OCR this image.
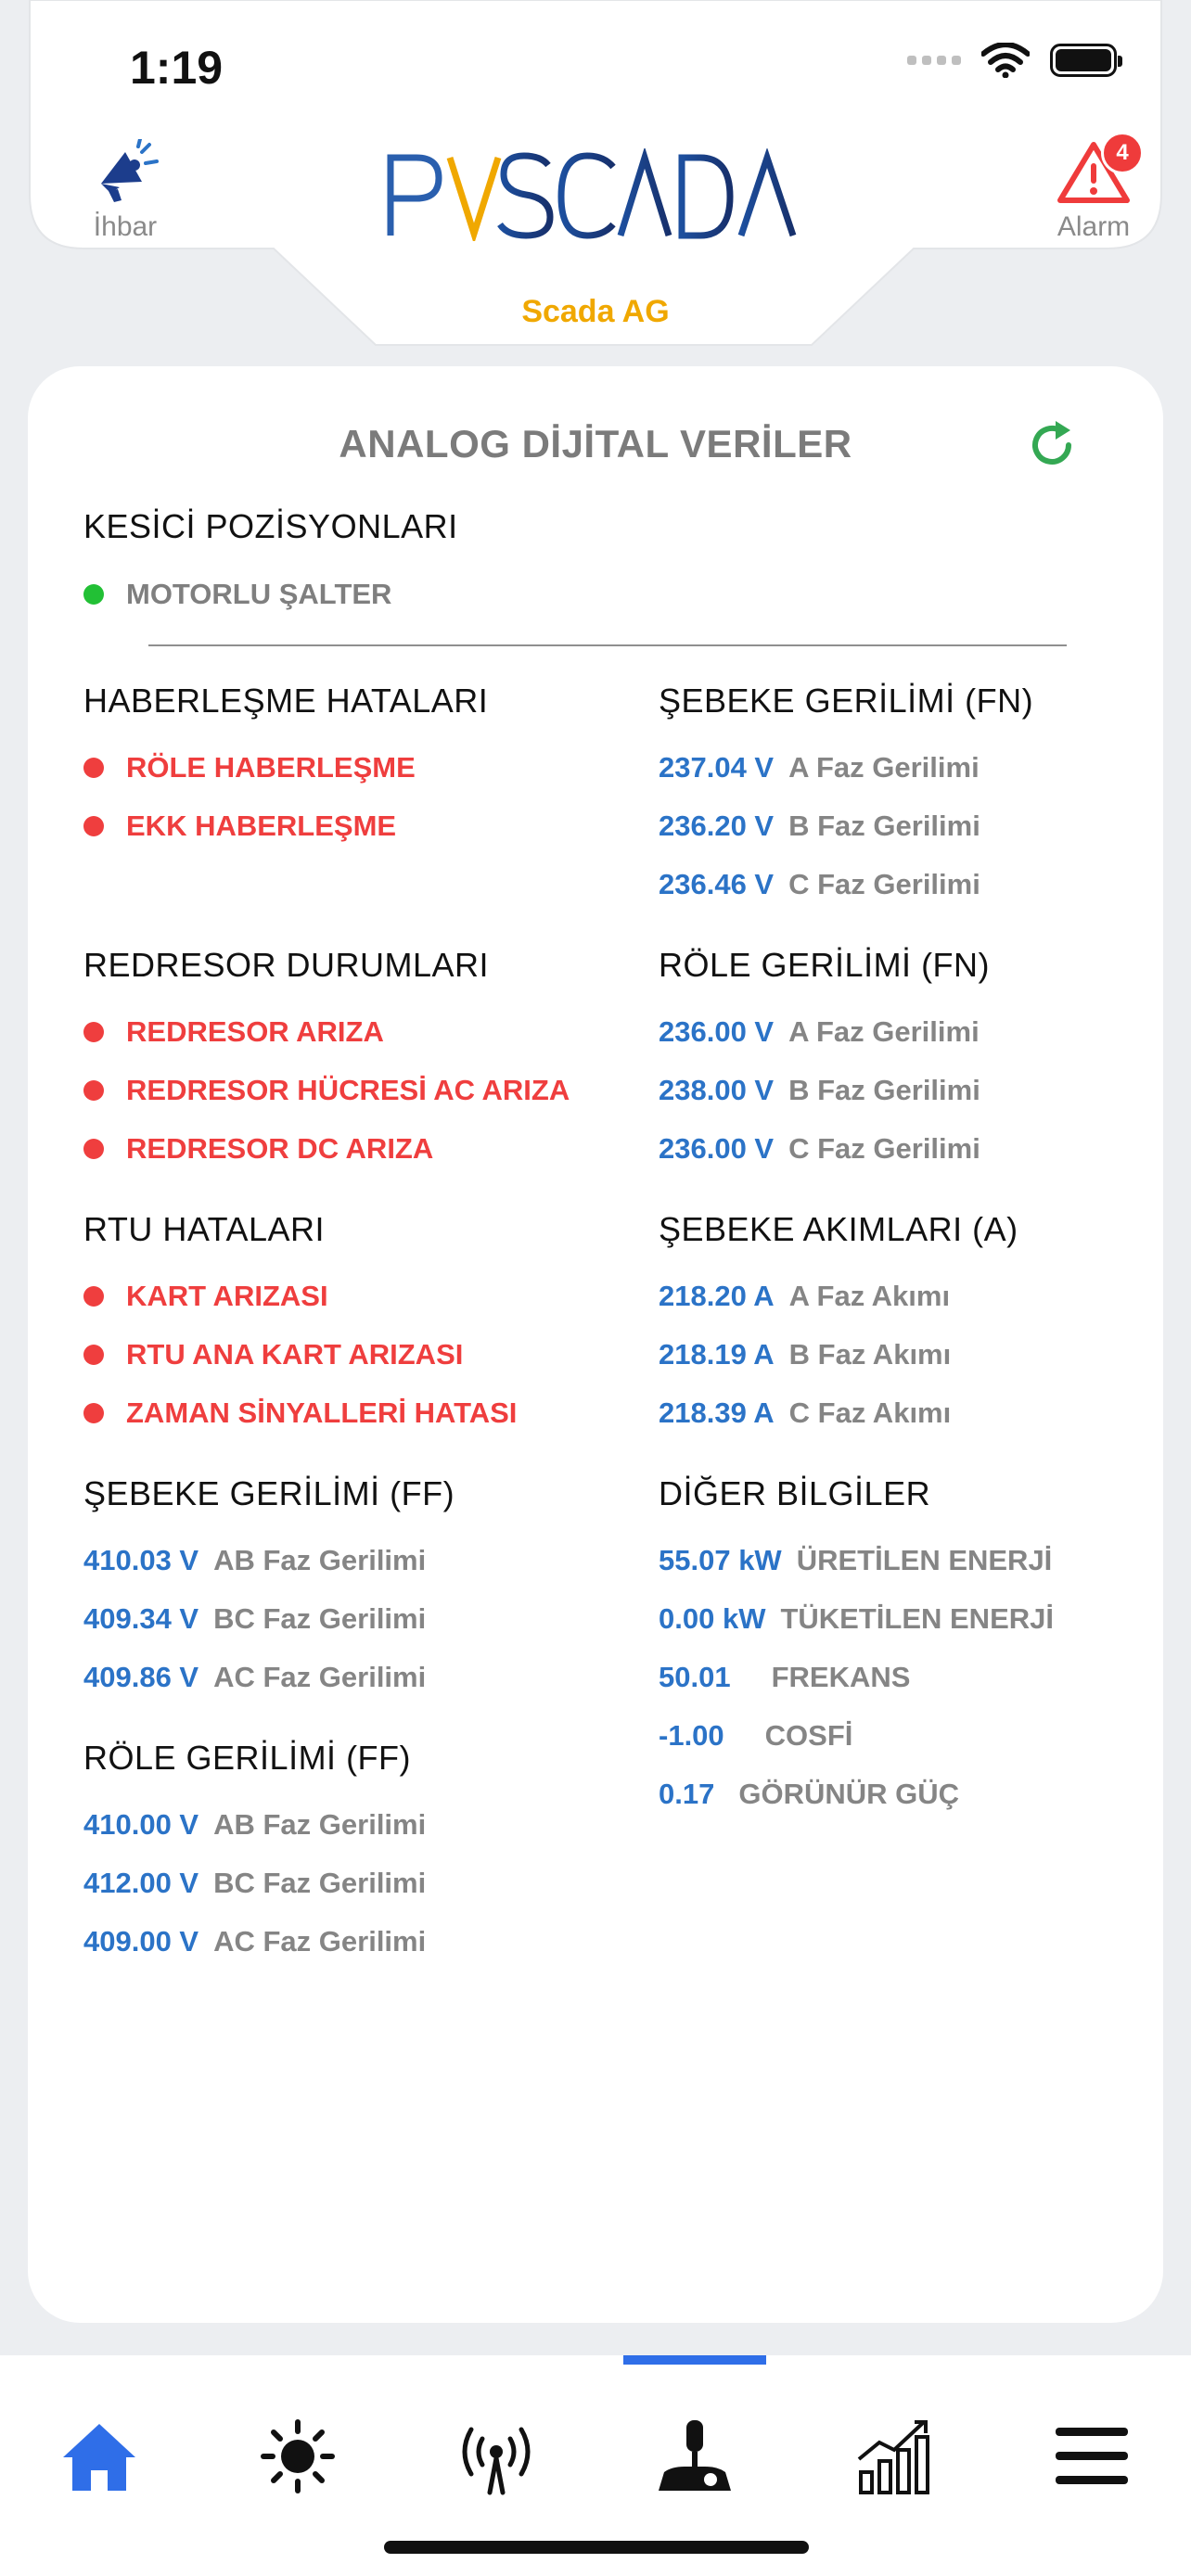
1:19
İhbar
4
Alarm
Scada AG
ANALOG DİJİTAL VERİLER
KESİCİ POZİSYONLARI
MOTORLU ŞALTER
HABERLEŞME HATALARI
RÖLE HABERLEŞME
EKK HABERLEŞME
REDRESOR DURUMLARI
REDRESOR ARIZA
REDRESOR HÜCRESİ AC ARIZA
REDRESOR DC ARIZA
RTU HATALARI
KART ARIZASI
RTU ANA KART ARIZASI
ZAMAN SİNYALLERİ HATASI
ŞEBEKE GERİLİMİ (FF)
410.03 V AB Faz Gerilimi
409.34 V BC Faz Gerilimi
409.86 V AC Faz Gerilimi
RÖLE GERİLİMİ (FF)
410.00 V AB Faz Gerilimi
412.00 V BC Faz Gerilimi
409.00 V AC Faz Gerilimi
ŞEBEKE GERİLİMİ (FN)
237.04 V A Faz Gerilimi
236.20 V B Faz Gerilimi
236.46 V C Faz Gerilimi
RÖLE GERİLİMİ (FN)
236.00 V A Faz Gerilimi
238.00 V B Faz Gerilimi
236.00 V C Faz Gerilimi
ŞEBEKE AKIMLARI (A)
218.20 A A Faz Akımı
218.19 A B Faz Akımı
218.39 A C Faz Akımı
DİĞER BİLGİLER
55.07 kW ÜRETİLEN ENERJİ
0.00 kW TÜKETİLEN ENERJİ
50.01 FREKANS
-1.00 COSFİ
0.17 GÖRÜNÜR GÜÇ
